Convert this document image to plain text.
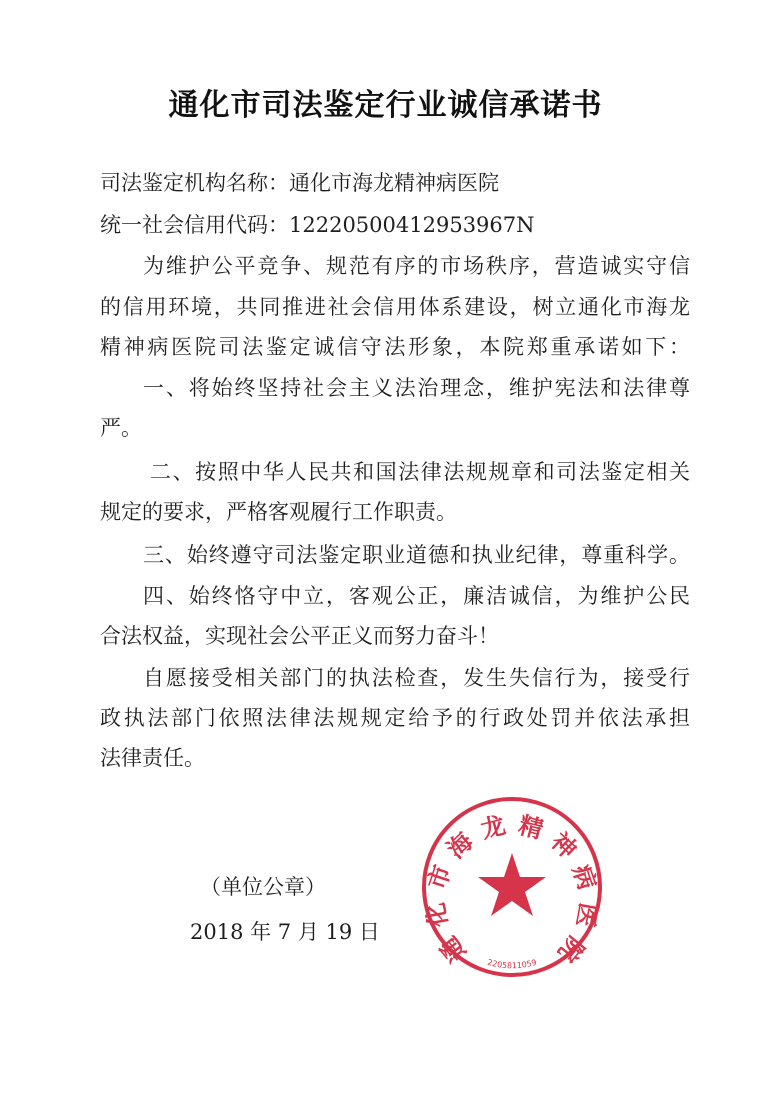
通化市司法鉴定行业诚信承诺书
司法鉴定机构名称：通化市海龙精神病医院
统一社会信用代码：12220500412953967N
为维护公平竞争、规范有序的市场秩序，营造诚实守信
的信用环境，共同推进社会信用体系建设，树立通化市海龙
精神病医院司法鉴定诚信守法形象，本院郑重承诺如下：
一、将始终坚持社会主义法治理念，维护宪法和法律尊
严。
二、按照中华人民共和国法律法规规章和司法鉴定相关
规定的要求，严格客观履行工作职责。
三、始终遵守司法鉴定职业道德和执业纪律，尊重科学。
四、始终恪守中立，客观公正，廉洁诚信，为维护公民
合法权益，实现社会公平正义而努力奋斗！
自愿接受相关部门的执法检查，发生失信行为，接受行
政执法部门依照法律法规规定给予的行政处罚并依法承担
法律责任。
通化市海龙精神病医院
2205811059
（单位公章）
2018 年 7 月 19 日
